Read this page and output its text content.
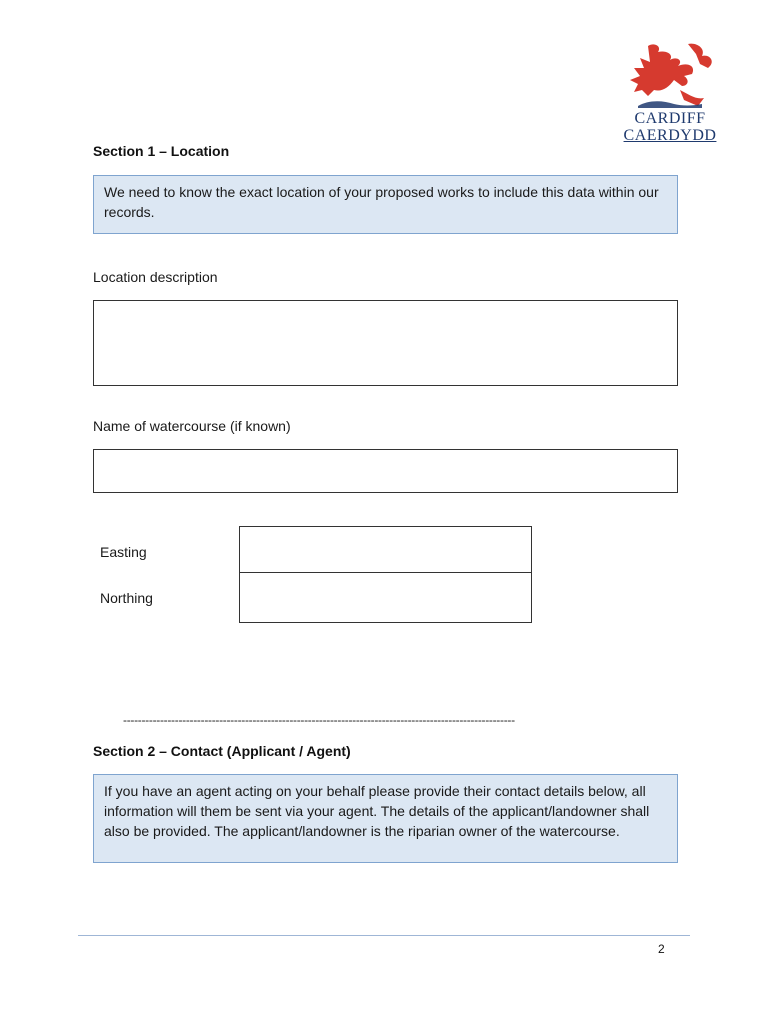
CARDIFF
CAERDYDD
Section 1 – Location
We need to know the exact location of your proposed works to include this data within our records.
Location description
Name of watercourse (if known)
Easting
Northing
----------------------------------------------------------------------------------------------------------
Section 2 – Contact (Applicant / Agent)
If you have an agent acting on your behalf please provide their contact details below, all information will them be sent via your agent. The details of the applicant/landowner shall also be provided. The applicant/landowner is the riparian owner of the watercourse.
2
